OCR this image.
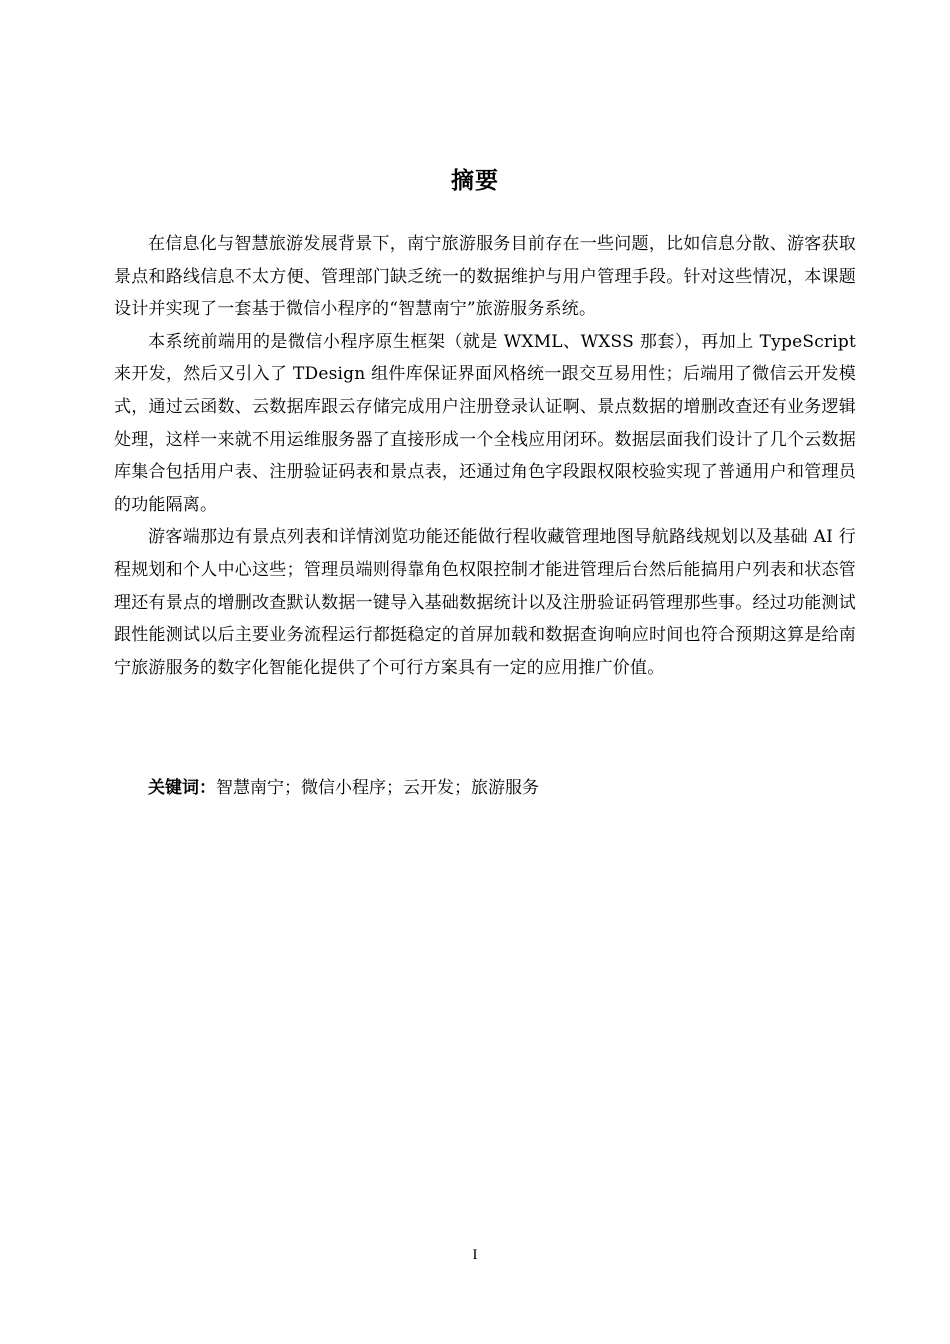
摘要

在信息化与智慧旅游发展背景下，南宁旅游服务目前存在一些问题，比如信息分散、游客获取景点和路线信息不太方便、管理部门缺乏统一的数据维护与用户管理手段。针对这些情况，本课题设计并实现了一套基于微信小程序的“智慧南宁”旅游服务系统。

本系统前端用的是微信小程序原生框架（就是 WXML、WXSS 那套），再加上 TypeScript 来开发，然后又引入了 TDesign 组件库保证界面风格统一跟交互易用性；后端用了微信云开发模式，通过云函数、云数据库跟云存储完成用户注册登录认证啊、景点数据的增删改查还有业务逻辑处理，这样一来就不用运维服务器了直接形成一个全栈应用闭环。数据层面我们设计了几个云数据库集合包括用户表、注册验证码表和景点表，还通过角色字段跟权限校验实现了普通用户和管理员的功能隔离。

游客端那边有景点列表和详情浏览功能还能做行程收藏管理地图导航路线规划以及基础 AI 行程规划和个人中心这些；管理员端则得靠角色权限控制才能进管理后台然后能搞用户列表和状态管理还有景点的增删改查默认数据一键导入基础数据统计以及注册验证码管理那些事。经过功能测试跟性能测试以后主要业务流程运行都挺稳定的首屏加载和数据查询响应时间也符合预期这算是给南宁旅游服务的数字化智能化提供了个可行方案具有一定的应用推广价值。

关键词：智慧南宁；微信小程序；云开发；旅游服务

I
